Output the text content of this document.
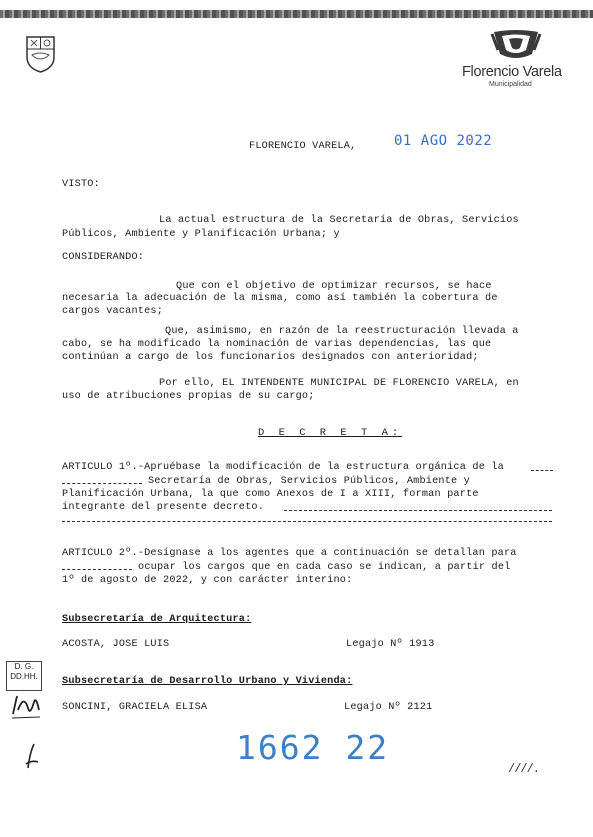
Florencio Varela
Municipalidad
FLORENCIO VARELA,	01 AGO 2022
VISTO:
La actual estructura de la Secretaría de Obras, Servicios
Públicos, Ambiente y Planificación Urbana; y
CONSIDERANDO:
Que con el objetivo de optimizar recursos, se hace
necesaria la adecuación de la misma, como así también la cobertura de
cargos vacantes;
Que, asimismo, en razón de la reestructuración llevada a
cabo, se ha modificado la nominación de varias dependencias, las que
continúan a cargo de los funcionarios designados con anterioridad;
Por ello, EL INTENDENTE MUNICIPAL DE FLORENCIO VARELA, en
uso de atribuciones propias de su cargo;
D E C R E T A:
ARTICULO 1º.-Apruébase la modificación de la estructura orgánica de la
Secretaría de Obras, Servicios Públicos, Ambiente y
Planificación Urbana, la que como Anexos de I a XIII, forman parte
integrante del presente decreto.
ARTICULO 2º.-Desígnase a los agentes que a continuación se detallan para
ocupar los cargos que en cada caso se indican, a partir del
1º de agosto de 2022, y con carácter interino:
Subsecretaría de Arquitectura:
ACOSTA, JOSE LUIS	Legajo Nº 1913
D. G.
DD.HH.	Subsecretaría de Desarrollo Urbano y Vivienda:
SONCINI, GRACIELA ELISA	Legajo Nº 2121
1662 22
////.
